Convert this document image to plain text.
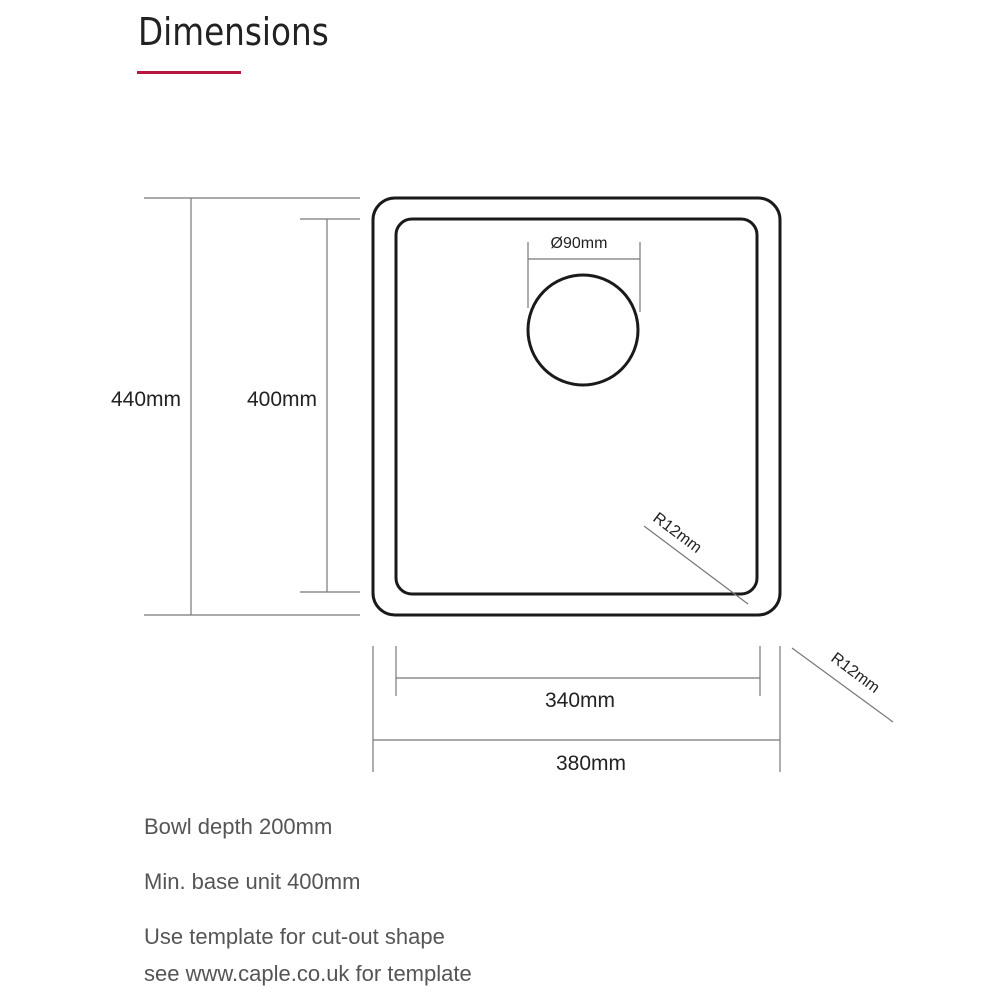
Dimensions
440mm	400mm
Ø90mm
R12mm
R12mm
340mm
380mm
Bowl depth 200mm
Min. base unit 400mm
Use template for cut-out shape
see www.caple.co.uk for template
